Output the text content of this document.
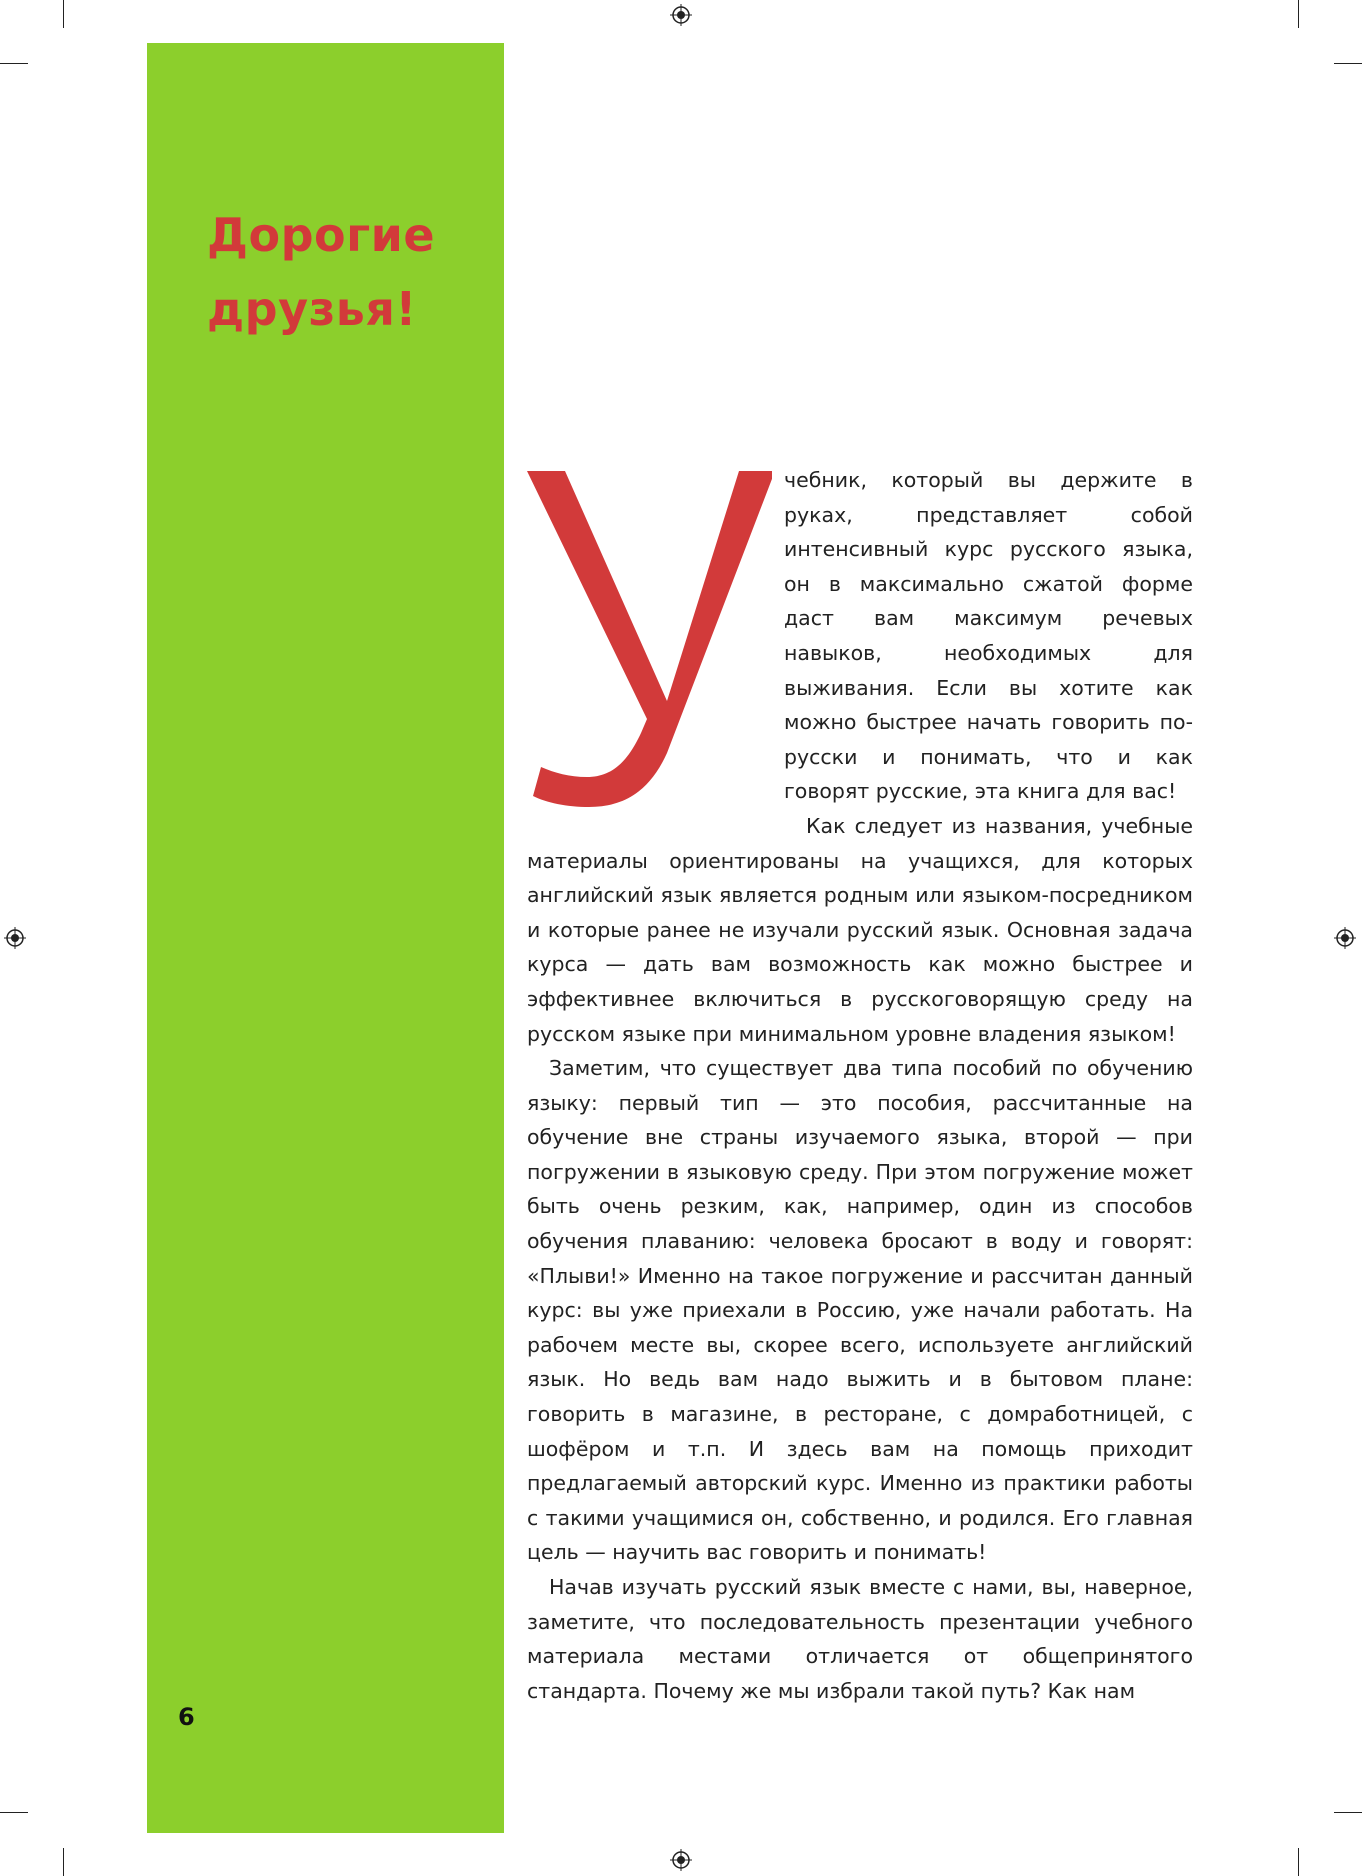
Дорогие
друзья!
6
У

чебник, который вы держите в руках, представляет собой интенсивный курс русского языка, он в максимально сжатой форме даст вам максимум речевых навыков, необходимых для выживания. Если вы хотите как можно быстрее начать говорить по-русски и понимать, что и как говорят русские, эта книга для вас!

Как следует из названия, учебные материалы ориентированы на учащихся, для которых английский язык является родным или языком-посредником и которые ранее не изучали русский язык. Основная задача курса — дать вам возможность как можно быстрее и эффективнее включиться в русскоговорящую среду на русском языке при минимальном уровне владения языком!

Заметим, что существует два типа пособий по обучению языку: первый тип — это пособия, рассчитанные на обучение вне страны изучаемого языка, второй — при погружении в языковую среду. При этом погружение может быть очень резким, как, например, один из способов обучения плаванию: человека бросают в воду и говорят: «Плыви!» Именно на такое погружение и рассчитан данный курс: вы уже приехали в Россию, уже начали работать. На рабочем месте вы, скорее всего, используете английский язык. Но ведь вам надо выжить и в бытовом плане: говорить в магазине, в ресторане, с домработницей, с шофёром и т.п. И здесь вам на помощь приходит предлагаемый авторский курс. Именно из практики работы с такими учащимися он, собственно, и родился. Его главная цель — научить вас говорить и понимать!

Начав изучать русский язык вместе с нами, вы, наверное, заметите, что последовательность презентации учебного материала местами отличается от общепринятого стандарта. Почему же мы избрали такой путь? Как нам
